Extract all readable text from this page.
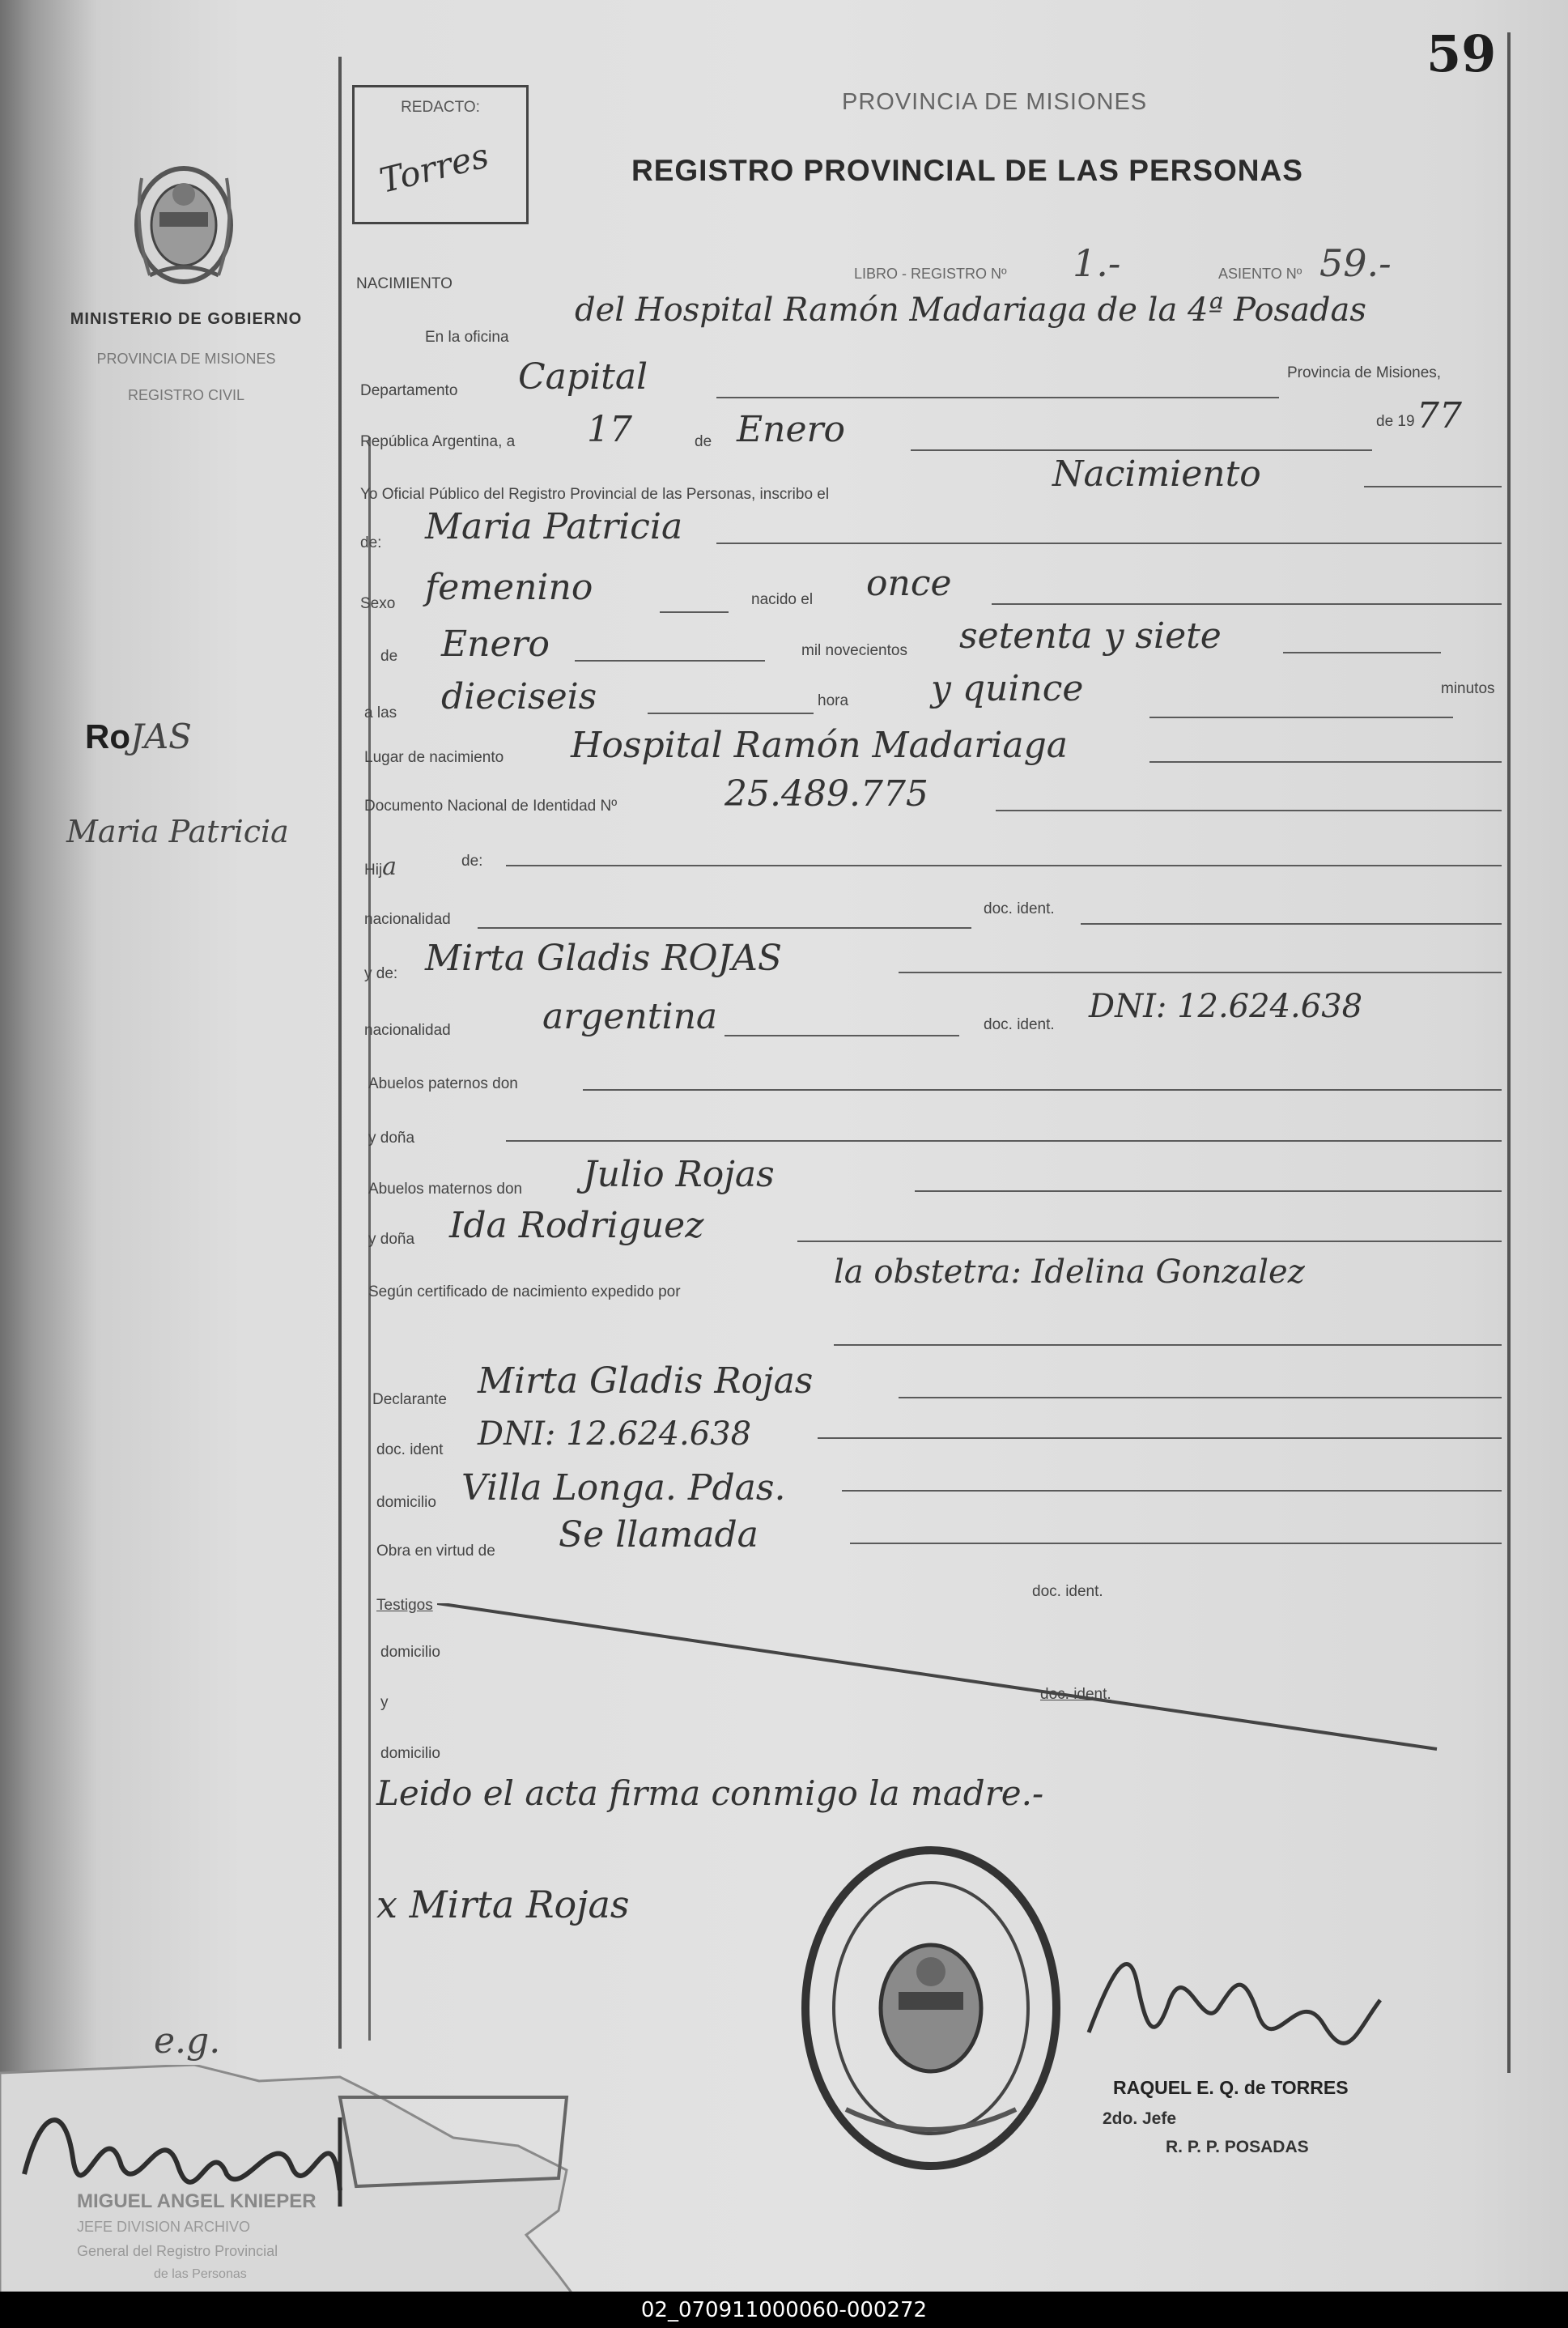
59
MINISTERIO DE GOBIERNO
PROVINCIA DE MISIONES
REGISTRO CIVIL
RoJAS
Maria Patricia
REDACTO:
Torres
PROVINCIA DE MISIONES
REGISTRO PROVINCIAL DE LAS PERSONAS
NACIMIENTO
LIBRO - REGISTRO Nº 1.-	ASIENTO Nº 59.-
En la oficina
del Hospital Ramón Madariaga de la 4ª Posadas
Departamento Capital	Provincia de Misiones,
República Argentina, a 17	de Enero	de 19 77
Yo Oficial Público del Registro Provincial de las Personas, inscribo el	Nacimiento
de: Maria Patricia
Sexo femenino	nacido el once
de Enero	mil novecientos setenta y siete
a las dieciseis	hora y quince	minutos
Lugar de nacimiento Hospital Ramón Madariaga
Documento Nacional de Identidad Nº	25.489.775
Hija	de:
nacionalidad
doc. ident.
y de: Mirta Gladis ROJAS
nacionalidad	argentina	doc. ident. DNI: 12.624.638
Abuelos paternos don
y doña
Abuelos maternos don Julio Rojas
y doña Ida Rodriguez
Según certificado de nacimiento expedido por
la obstetra: Idelina Gonzalez
Declarante Mirta Gladis Rojas
doc. ident DNI: 12.624.638
domicilio Villa Longa. Pdas.
Obra en virtud de Se llamada
Testigos
doc. ident.
domicilio
y	doc. ident.
domicilio
Leido el acta firma conmigo la madre.-
x Mirta Rojas
RAQUEL E. Q. de TORRES
2do. Jefe
R. P. P. POSADAS
e.g.
MIGUEL ANGEL KNIEPER
JEFE DIVISION ARCHIVO
General del Registro Provincial
de las Personas
02_070911000060-000272
